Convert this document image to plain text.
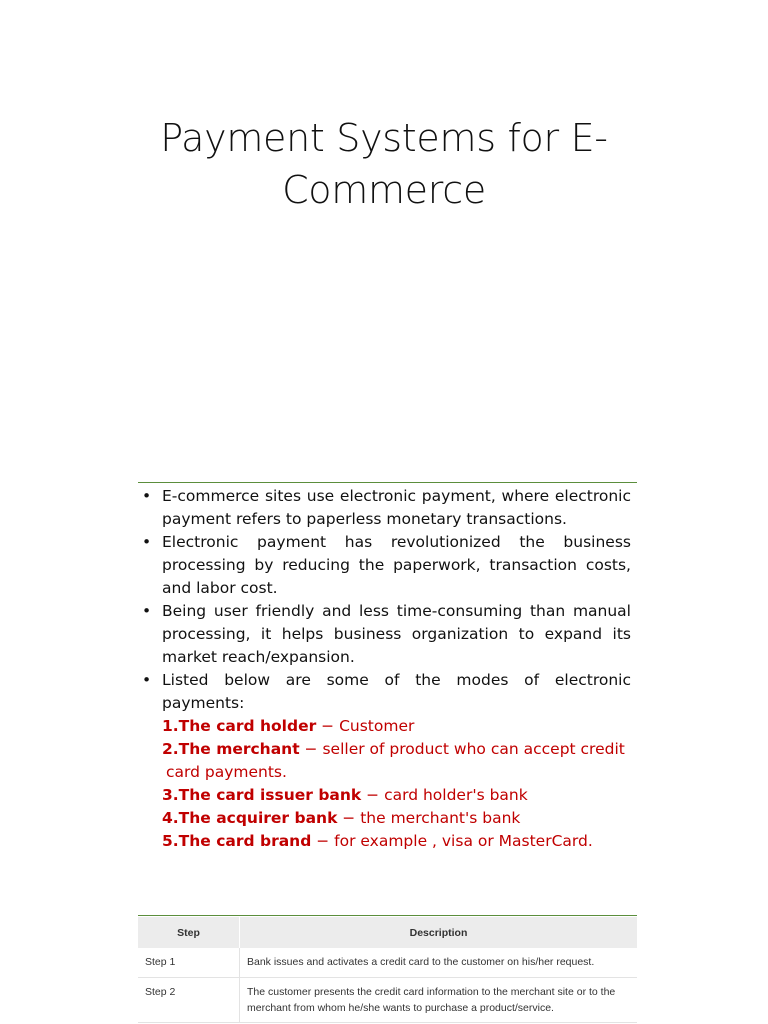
Payment Systems for E-
Commerce
• E-commerce sites use electronic payment, where electronic payment refers to paperless monetary transactions.
• Electronic payment has revolutionized the business processing by reducing the paperwork, transaction costs, and labor cost.
• Being user friendly and less time-consuming than manual processing, it helps business organization to expand its market reach/expansion.
• Listed below are some of the modes of electronic payments:
1.The card holder − Customer
2.The merchant − seller of product who can accept credit
card payments.
3.The card issuer bank − card holder's bank
4.The acquirer bank − the merchant's bank
5.The card brand − for example , visa or MasterCard.
Step	Description
Step 1	Bank issues and activates a credit card to the customer on his/her request.
Step 2	The customer presents the credit card information to the merchant site or to the merchant from whom he/she wants to purchase a product/service.
